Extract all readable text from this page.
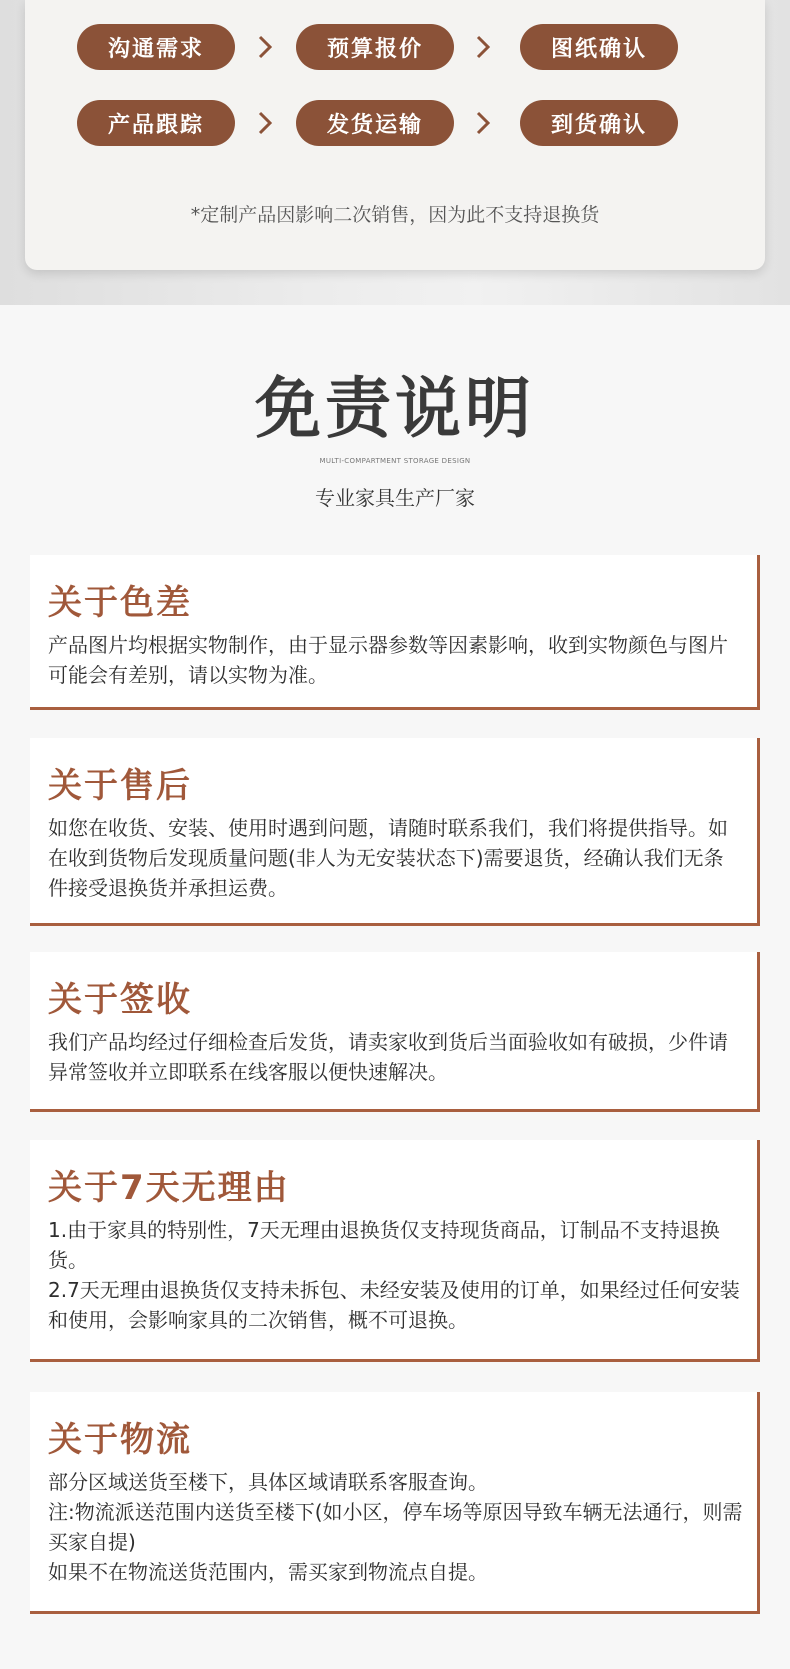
沟通需求	预算报价	图纸确认
产品跟踪	发货运输	到货确认
*定制产品因影响二次销售，因为此不支持退换货
免责说明
MULTI-COMPARTMENT STORAGE DESIGN
专业家具生产厂家
关于色差

产品图片均根据实物制作，由于显示器参数等因素影响，收到实物颜色与图片可能会有差别，请以实物为准。

关于售后

如您在收货、安装、使用时遇到问题，请随时联系我们，我们将提供指导。如在收到货物后发现质量问题(非人为无安装状态下)需要退货，经确认我们无条件接受退换货并承担运费。

关于签收

我们产品均经过仔细检查后发货，请卖家收到货后当面验收如有破损，少件请异常签收并立即联系在线客服以便快速解决。

关于7天无理由

1.由于家具的特别性，7天无理由退换货仅支持现货商品，订制品不支持退换货。

2.7天无理由退换货仅支持未拆包、未经安装及使用的订单，如果经过任何安装和使用，会影响家具的二次销售，概不可退换。

关于物流

部分区域送货至楼下，具体区域请联系客服查询。

注:物流派送范围内送货至楼下(如小区，停车场等原因导致车辆无法通行，则需买家自提)

如果不在物流送货范围内，需买家到物流点自提。
